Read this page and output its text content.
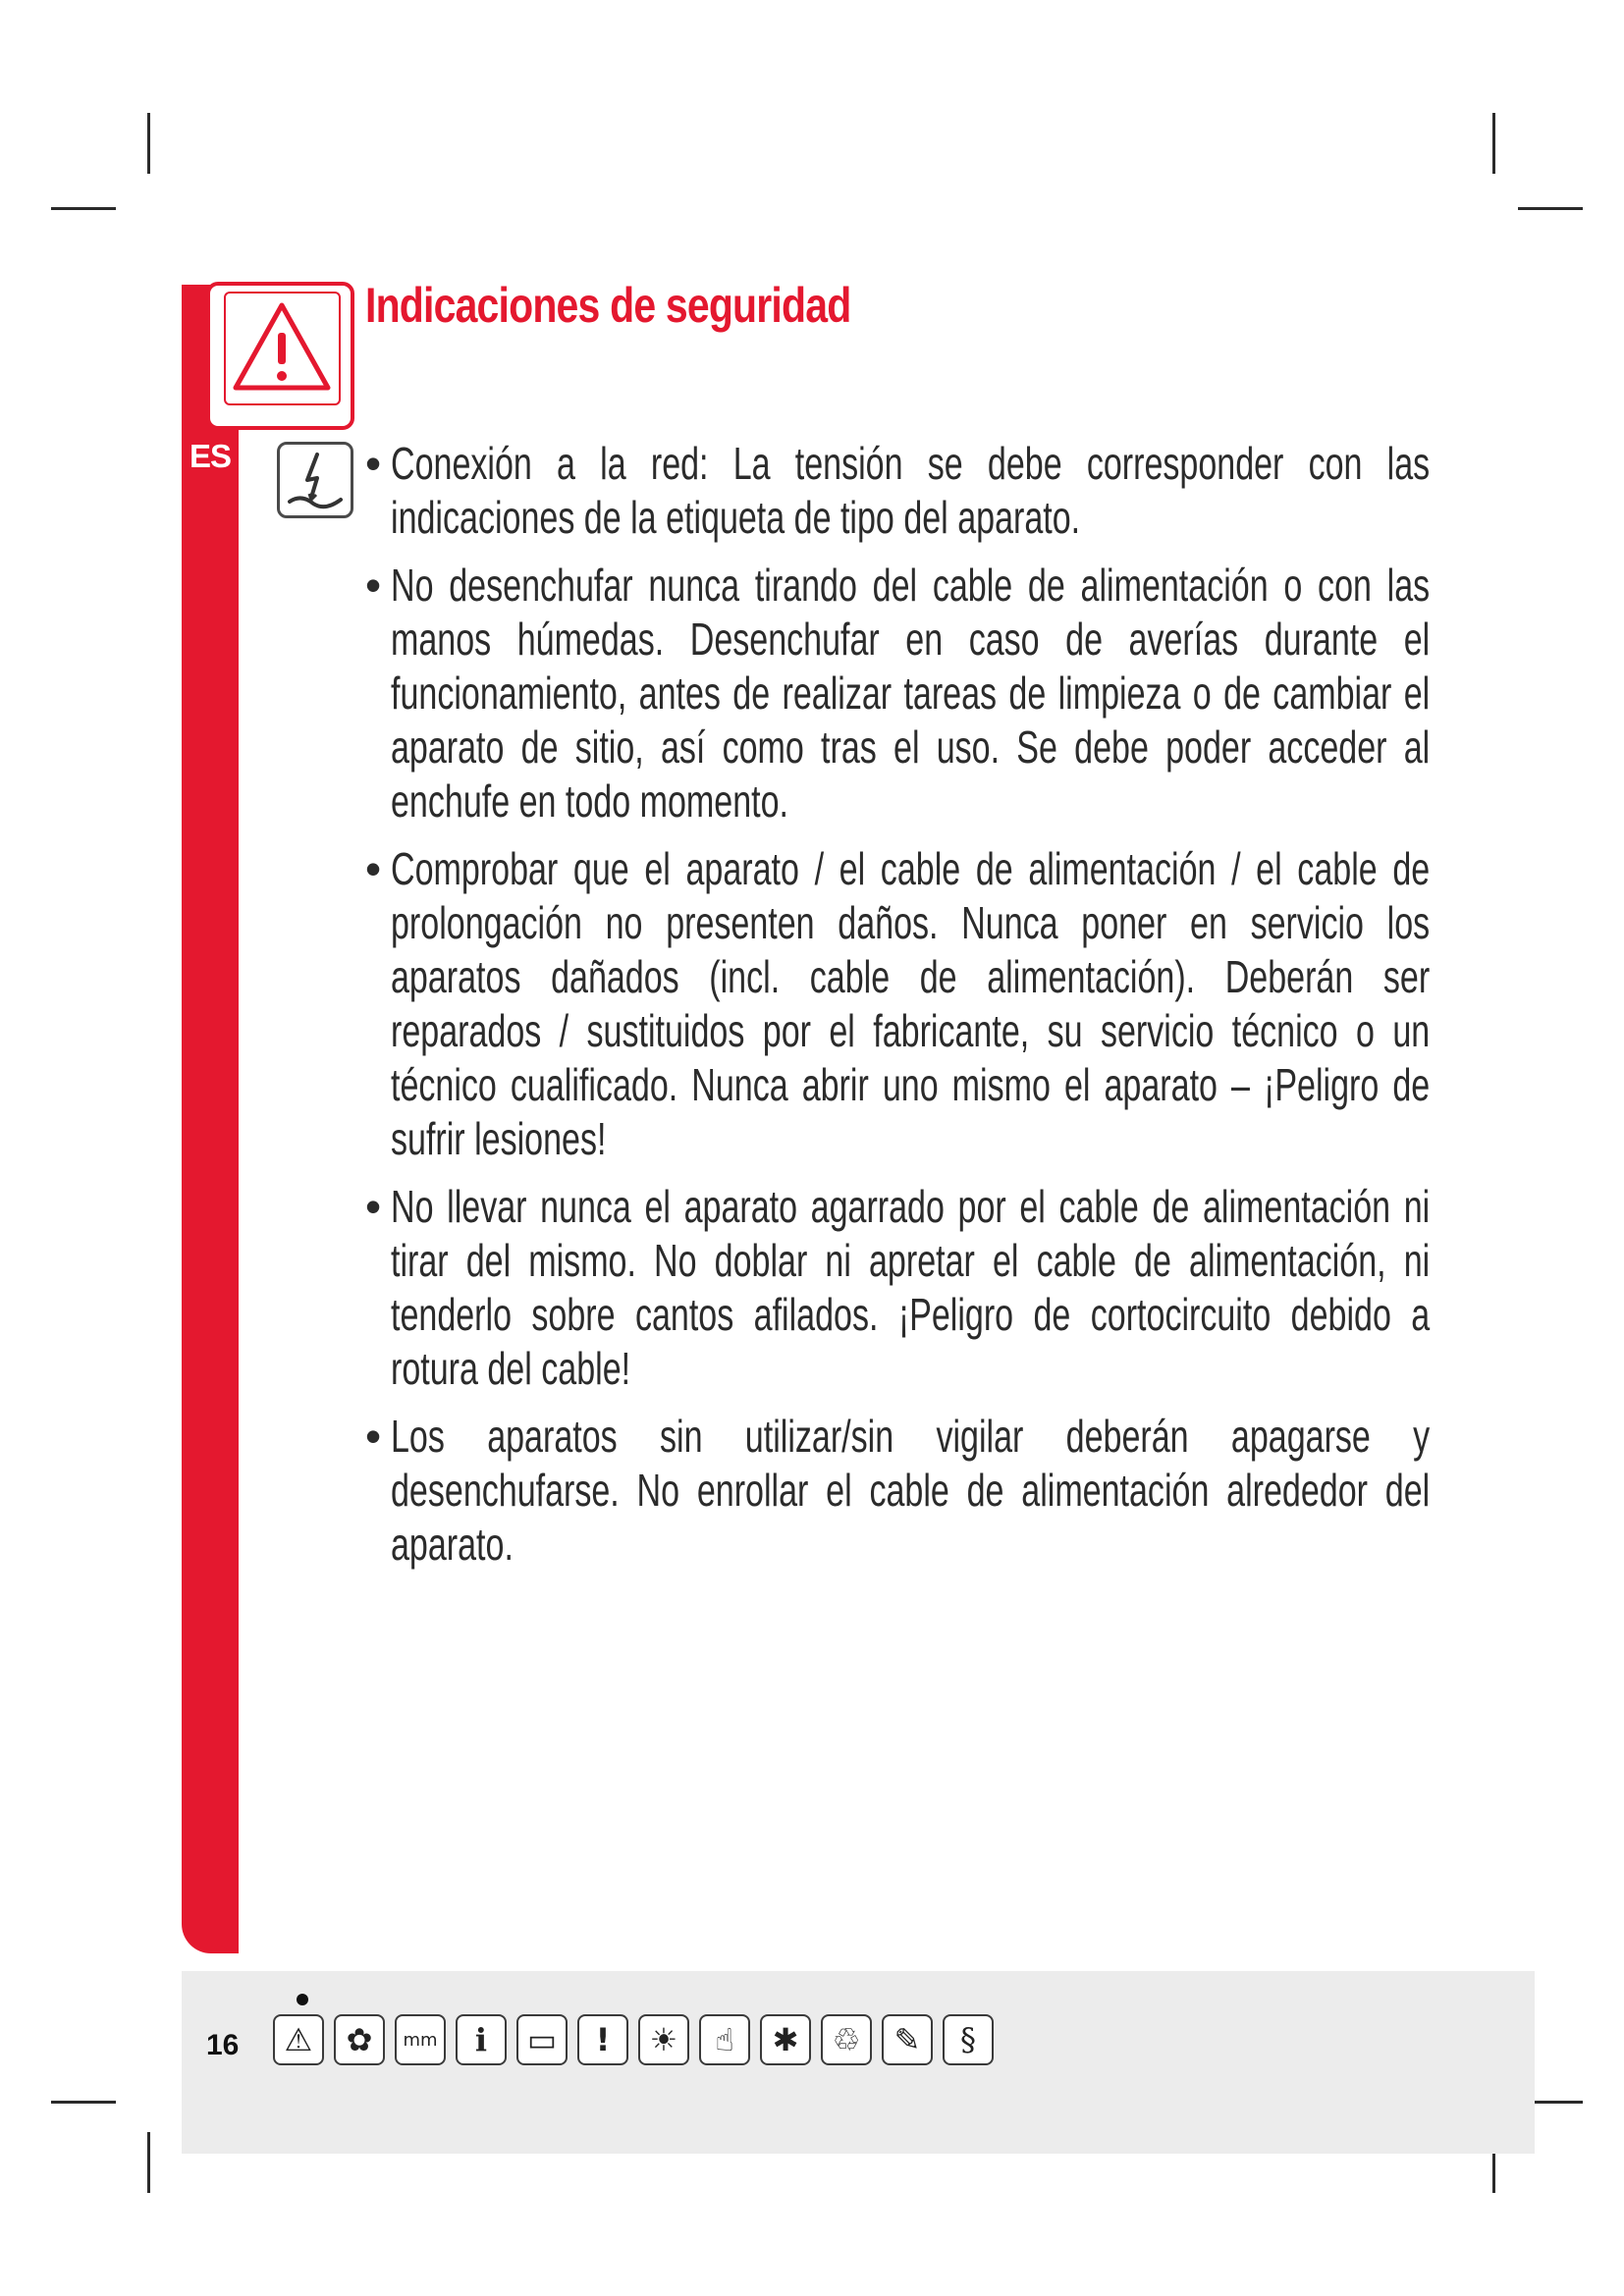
ES
Indicaciones de seguridad
• Conexión a la red: La tensión se debe corresponder con las indicaciones de la etiqueta de tipo del aparato.
• No desenchufar nunca tirando del cable de alimentación o con las manos húmedas. Desenchufar en caso de averías durante el funcionamiento, antes de realizar tareas de limpieza o de cambiar el aparato de sitio, así como tras el uso. Se debe poder acceder al enchufe en todo momento.
• Comprobar que el aparato / el cable de alimentación / el cable de prolongación no presenten daños. Nunca poner en servicio los aparatos dañados (incl. cable de alimentación). Deberán ser reparados / sustituidos por el fabricante, su servicio técnico o un técnico cualificado. Nunca abrir uno mismo el aparato – ¡Peligro de sufrir lesiones!
• No llevar nunca el aparato agarrado por el cable de alimentación ni tirar del mismo. No doblar ni apretar el cable de alimentación, ni tenderlo sobre cantos afilados. ¡Peligro de cortocircuito debido a rotura del cable!
• Los aparatos sin utilizar/sin vigilar deberán apagarse y desenchufarse. No enrollar el cable de alimentación alrededor del aparato.
16	⚠	✿	mm	i	▭	!	☀	☝	✱	♲	✎	§
